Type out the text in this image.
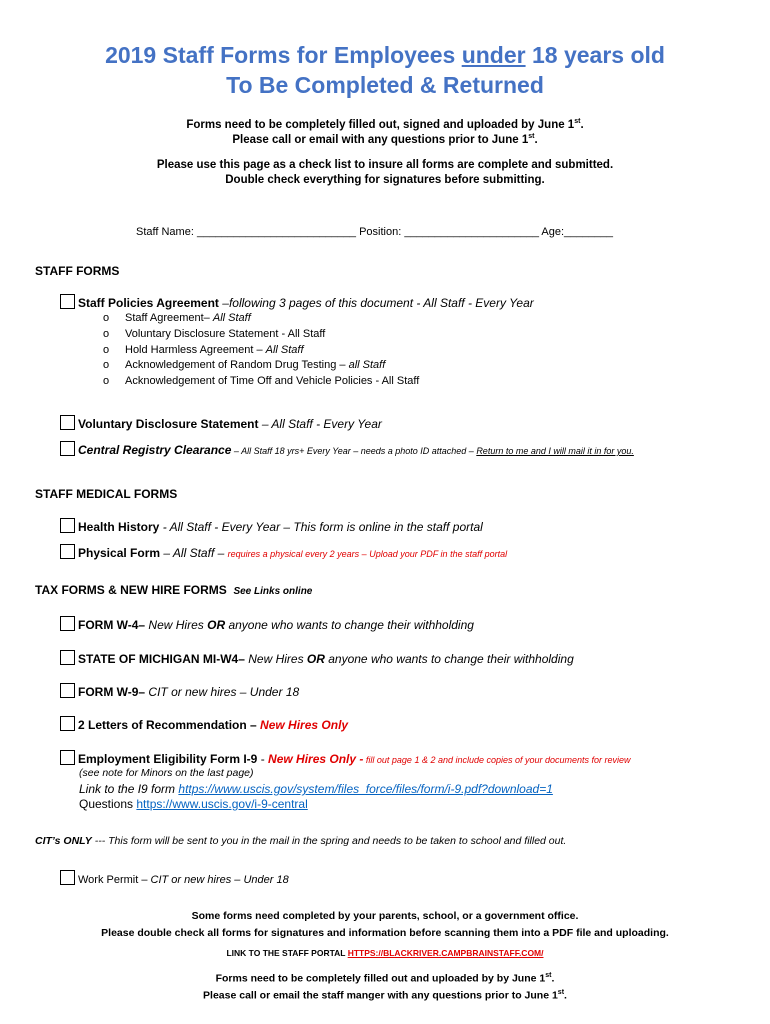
2019 Staff Forms for Employees under 18 years old
To Be Completed & Returned
Forms need to be completely filled out, signed and uploaded by June 1st.
Please call or email with any questions prior to June 1st.
Please use this page as a check list to insure all forms are complete and submitted.
Double check everything for signatures before submitting.
Staff Name: __________________________ Position: ______________________ Age:________
STAFF FORMS
Staff Policies Agreement –following 3 pages of this document - All Staff - Every Year
o Staff Agreement– All Staff
o Voluntary Disclosure Statement - All Staff
o Hold Harmless Agreement – All Staff
o Acknowledgement of Random Drug Testing – all Staff
o Acknowledgement of Time Off and Vehicle Policies - All Staff
Voluntary Disclosure Statement – All Staff - Every Year
Central Registry Clearance – All Staff 18 yrs+ Every Year – needs a photo ID attached – Return to me and I will mail it in for you.
STAFF MEDICAL FORMS
Health History - All Staff - Every Year – This form is online in the staff portal
Physical Form – All Staff – requires a physical every 2 years – Upload your PDF in the staff portal
TAX FORMS & NEW HIRE FORMS See Links online
FORM W-4– New Hires OR anyone who wants to change their withholding
STATE OF MICHIGAN MI-W4– New Hires OR anyone who wants to change their withholding
FORM W-9– CIT or new hires – Under 18
2 Letters of Recommendation – New Hires Only
Employment Eligibility Form I-9 - New Hires Only - fill out page 1 & 2 and include copies of your documents for review
(see note for Minors on the last page)
Link to the I9 form https://www.uscis.gov/system/files_force/files/form/i-9.pdf?download=1
Questions https://www.uscis.gov/i-9-central
CIT’s ONLY --- This form will be sent to you in the mail in the spring and needs to be taken to school and filled out.
Work Permit – CIT or new hires – Under 18
Some forms need completed by your parents, school, or a government office.
Please double check all forms for signatures and information before scanning them into a PDF file and uploading.
LINK TO THE STAFF PORTAL HTTPS://BLACKRIVER.CAMPBRAINSTAFF.COM/
Forms need to be completely filled out and uploaded by by June 1st.
Please call or email the staff manger with any questions prior to June 1st.
